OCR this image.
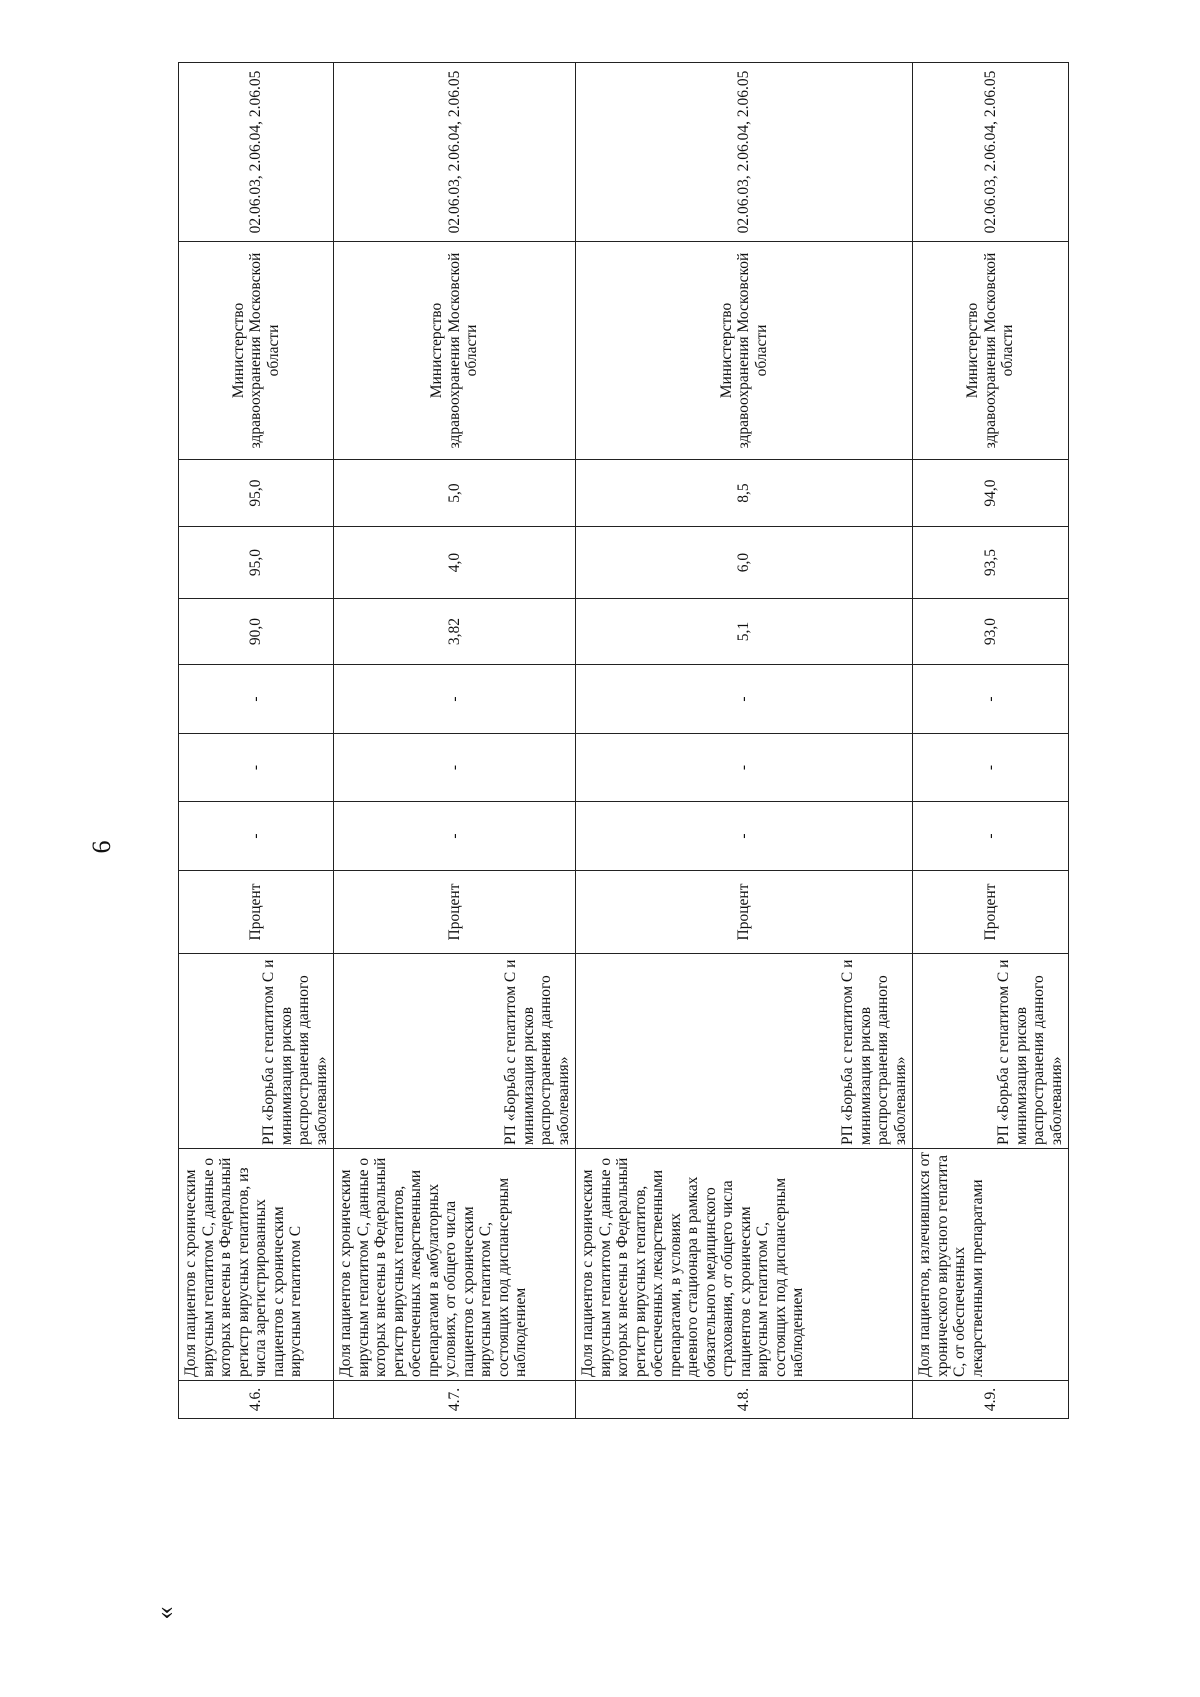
6
«
4.6.	Доля пациентов с хроническим вирусным гепатитом С, данные о которых внесены в Федеральный регистр вирусных гепатитов, из числа зарегистрированных пациентов с хроническим вирусным гепатитом С	РП «Борьба с гепатитом С и минимизация рисков распространения данного заболевания»	Процент	-	-	-	90,0	95,0	95,0	Министерство здравоохранения Московской области	02.06.03, 2.06.04, 2.06.05
4.7.	Доля пациентов с хроническим вирусным гепатитом С, данные о которых внесены в Федеральный регистр вирусных гепатитов, обеспеченных лекарственными препаратами в амбулаторных условиях, от общего числа пациентов с хроническим вирусным гепатитом С, состоящих под диспансерным наблюдением	РП «Борьба с гепатитом С и минимизация рисков распространения данного заболевания»	Процент	-	-	-	3,82	4,0	5,0	Министерство здравоохранения Московской области	02.06.03, 2.06.04, 2.06.05
4.8.	Доля пациентов с хроническим вирусным гепатитом С, данные о которых внесены в Федеральный регистр вирусных гепатитов, обеспеченных лекарственными препаратами, в условиях дневного стационара в рамках обязательного медицинского страхования, от общего числа пациентов с хроническим вирусным гепатитом С, состоящих под диспансерным наблюдением	РП «Борьба с гепатитом С и минимизация рисков распространения данного заболевания»	Процент	-	-	-	5,1	6,0	8,5	Министерство здравоохранения Московской области	02.06.03, 2.06.04, 2.06.05
4.9.	Доля пациентов, излечившихся от хронического вирусного гепатита С, от обеспеченных лекарственными препаратами	РП «Борьба с гепатитом С и минимизация рисков распространения данного заболевания»	Процент	-	-	-	93,0	93,5	94,0	Министерство здравоохранения Московской области	02.06.03, 2.06.04, 2.06.05
